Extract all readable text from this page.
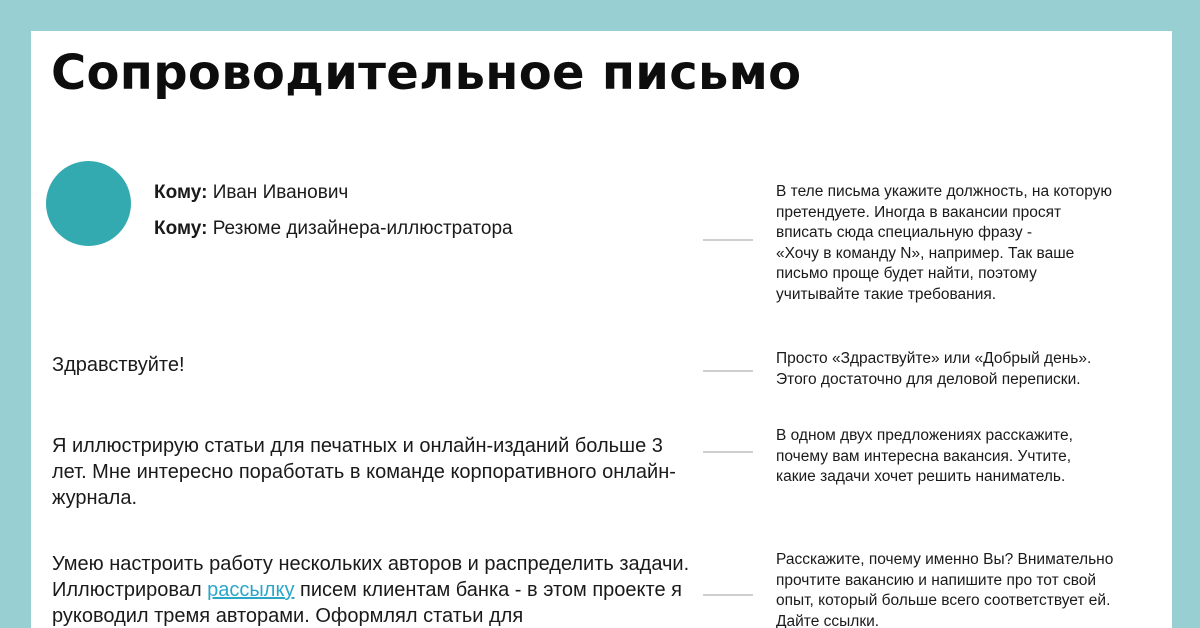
Сопроводительное письмо
Кому: Иван Иванович
Кому: Резюме дизайнера-иллюстратора
Здравствуйте!
Я иллюстрирую статьи для печатных и онлайн-изданий больше 3 лет. Мне интересно поработать в команде корпоративного онлайн-журнала.
Умею настроить работу нескольких авторов и распределить задачи. Иллюстрировал рассылку писем клиентам банка - в этом проекте я руководил тремя авторами. Оформлял статьи для
В теле письма укажите должность, на которую
претендуете. Иногда в вакансии просят
вписать сюда специальную фразу -
«Хочу в команду N», например. Так ваше
письмо проще будет найти, поэтому
учитывайте такие требования.
Просто «Здраствуйте» или «Добрый день».
Этого достаточно для деловой переписки.
В одном двух предложениях расскажите,
почему вам интересна вакансия. Учтите,
какие задачи хочет решить наниматель.
Расскажите, почему именно Вы? Внимательно
прочтите вакансию и напишите про тот свой
опыт, который больше всего соответствует ей.
Дайте ссылки.
